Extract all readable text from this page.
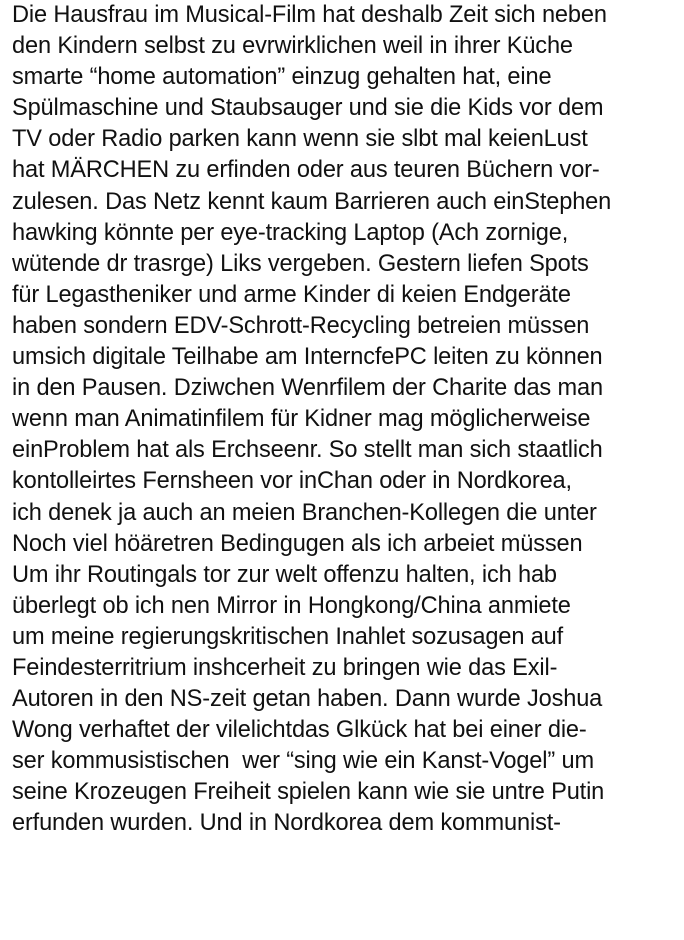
Die Hausfrau im Musical-Film hat deshalb Zeit sich neben
den Kindern selbst zu evrwirklichen weil in ihrer Küche
smarte “home automation” einzug gehalten hat, eine
Spülmaschine und Staubsauger und sie die Kids vor dem
TV oder Radio parken kann wenn sie slbt mal keienLust
hat MÄRCHEN zu erfinden oder aus teuren Büchern vor-
zulesen. Das Netz kennt kaum Barrieren auch einStephen
hawking könnte per eye-tracking Laptop (Ach zornige,
wütende dr trasrge) Liks vergeben. Gestern liefen Spots
für Legastheniker und arme Kinder di keien Endgeräte
haben sondern EDV-Schrott-Recycling betreien müssen
umsich digitale Teilhabe am InterncfePC leiten zu können
in den Pausen. Dziwchen Wenrfilem der Charite das man
wenn man Animatinfilem für Kidner mag möglicherweise
einProblem hat als Erchseenr. So stellt man sich staatlich
kontolleirtes Fernsheen vor inChan oder in Nordkorea,
ich denek ja auch an meien Branchen-Kollegen die unter
Noch viel höäretren Bedingugen als ich arbeiet müssen
Um ihr Routingals tor zur welt offenzu halten, ich hab
überlegt ob ich nen Mirror in Hongkong/China anmiete
um meine regierungskritischen Inahlet sozusagen auf
Feindesterritrium inshcerheit zu bringen wie das Exil-
Autoren in den NS-zeit getan haben. Dann wurde Joshua
Wong verhaftet der vilelichtdas Glkück hat bei einer die-
ser kommusistischen  wer “sing wie ein Kanst-Vogel” um
seine Krozeugen Freiheit spielen kann wie sie untre Putin
erfunden wurden. Und in Nordkorea dem kommunist-
